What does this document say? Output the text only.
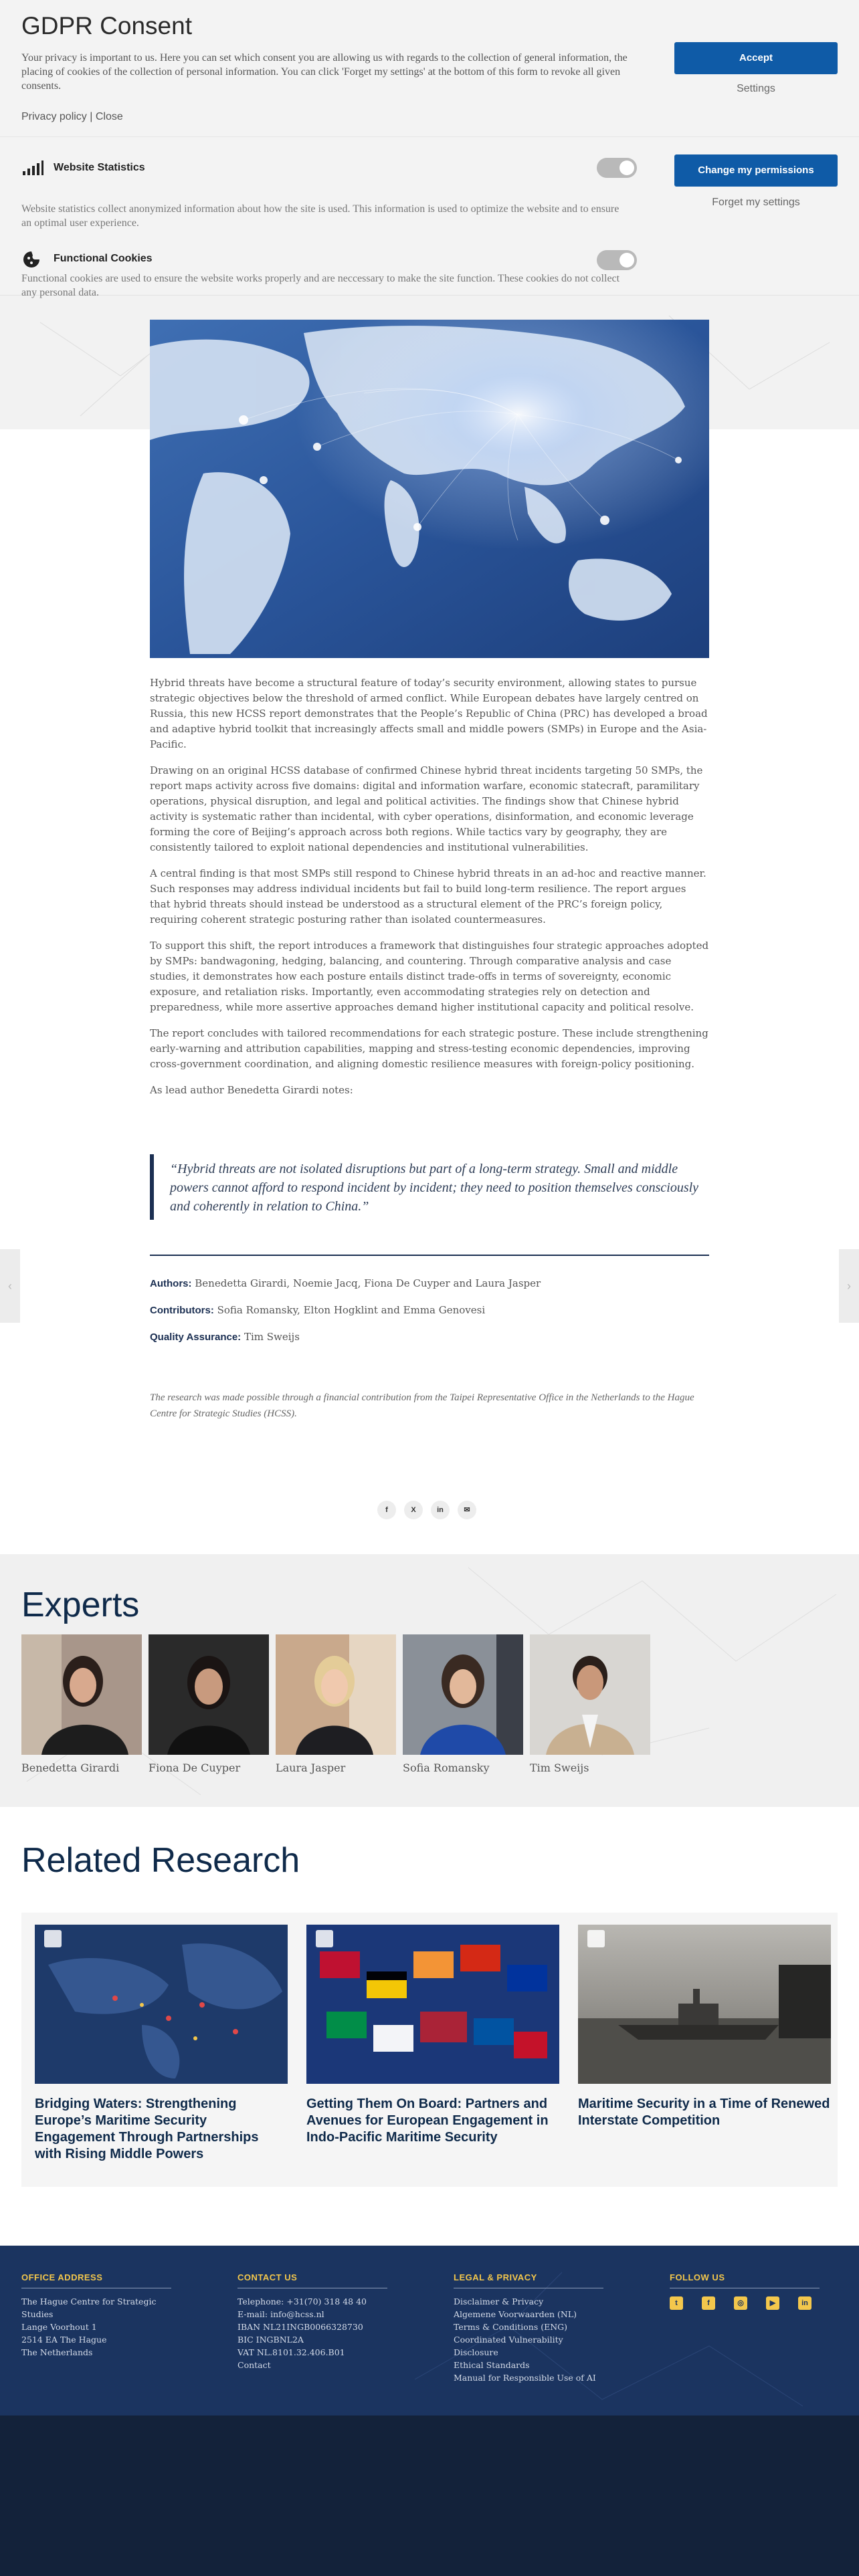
GDPR Consent
Your privacy is important to us. Here you can set which consent you are allowing us with regards to the collection of general information, the placing of cookies of the collection of personal information. You can click 'Forget my settings' at the bottom of this form to revoke all given consents.
Privacy policy | Close
Accept
Settings
Website Statistics
Website statistics collect anonymized information about how the site is used. This information is used to optimize the website and to ensure an optimal user experience.
Change my permissions
Forget my settings
Functional Cookies
Functional cookies are used to ensure the website works properly and are neccessary to make the site function. These cookies do not collect any personal data.

Hybrid threats have become a structural feature of today’s security environment, allowing states to pursue strategic objectives below the threshold of armed conflict. While European debates have largely centred on Russia, this new HCSS report demonstrates that the People’s Republic of China (PRC) has developed a broad and adaptive hybrid toolkit that increasingly affects small and middle powers (SMPs) in Europe and the Asia-Pacific.

Drawing on an original HCSS database of confirmed Chinese hybrid threat incidents targeting 50 SMPs, the report maps activity across five domains: digital and information warfare, economic statecraft, paramilitary operations, physical disruption, and legal and political activities. The findings show that Chinese hybrid activity is systematic rather than incidental, with cyber operations, disinformation, and economic leverage forming the core of Beijing’s approach across both regions. While tactics vary by geography, they are consistently tailored to exploit national dependencies and institutional vulnerabilities.

A central finding is that most SMPs still respond to Chinese hybrid threats in an ad-hoc and reactive manner. Such responses may address individual incidents but fail to build long-term resilience. The report argues that hybrid threats should instead be understood as a structural element of the PRC’s foreign policy, requiring coherent strategic posturing rather than isolated countermeasures.

To support this shift, the report introduces a framework that distinguishes four strategic approaches adopted by SMPs: bandwagoning, hedging, balancing, and countering. Through comparative analysis and case studies, it demonstrates how each posture entails distinct trade-offs in terms of sovereignty, economic exposure, and retaliation risks. Importantly, even accommodating strategies rely on detection and preparedness, while more assertive approaches demand higher institutional capacity and political resolve.

The report concludes with tailored recommendations for each strategic posture. These include strengthening early-warning and attribution capabilities, mapping and stress-testing economic dependencies, improving cross-government coordination, and aligning domestic resilience measures with foreign-policy positioning.

As lead author Benedetta Girardi notes:

“Hybrid threats are not isolated disruptions but part of a long-term strategy. Small and middle powers cannot afford to respond incident by incident; they need to position themselves consciously and coherently in relation to China.”
Authors: Benedetta Girardi, Noemie Jacq, Fiona De Cuyper and Laura Jasper
Contributors: Sofia Romansky, Elton Hogklint and Emma Genovesi
Quality Assurance: Tim Sweijs
The research was made possible through a financial contribution from the Taipei Representative Office in the Netherlands to the Hague Centre for Strategic Studies (HCSS).
f	X	in	✉
‹	›
Experts
Benedetta Girardi	Fiona De Cuyper	Laura Jasper	Sofia Romansky	Tim Sweijs
Related Research
Bridging Waters: Strengthening Europe’s Maritime Security Engagement Through Partnerships with Rising Middle Powers
Getting Them On Board: Partners and Avenues for European Engagement in Indo-Pacific Maritime Security
Maritime Security in a Time of Renewed Interstate Competition
OFFICE ADDRESS
The Hague Centre for Strategic Studies
Lange Voorhout 1
2514 EA The Hague
The Netherlands
CONTACT US
Telephone: +31(70) 318 48 40
E-mail: info@hcss.nl
IBAN NL21INGB0066328730
BIC INGBNL2A
VAT NL.8101.32.406.B01
Contact
LEGAL & PRIVACY
Disclaimer & Privacy
Algemene Voorwaarden (NL)
Terms & Conditions (ENG)
Coordinated Vulnerability Disclosure
Ethical Standards
Manual for Responsible Use of AI
FOLLOW US
t	f	◎	▶	in
